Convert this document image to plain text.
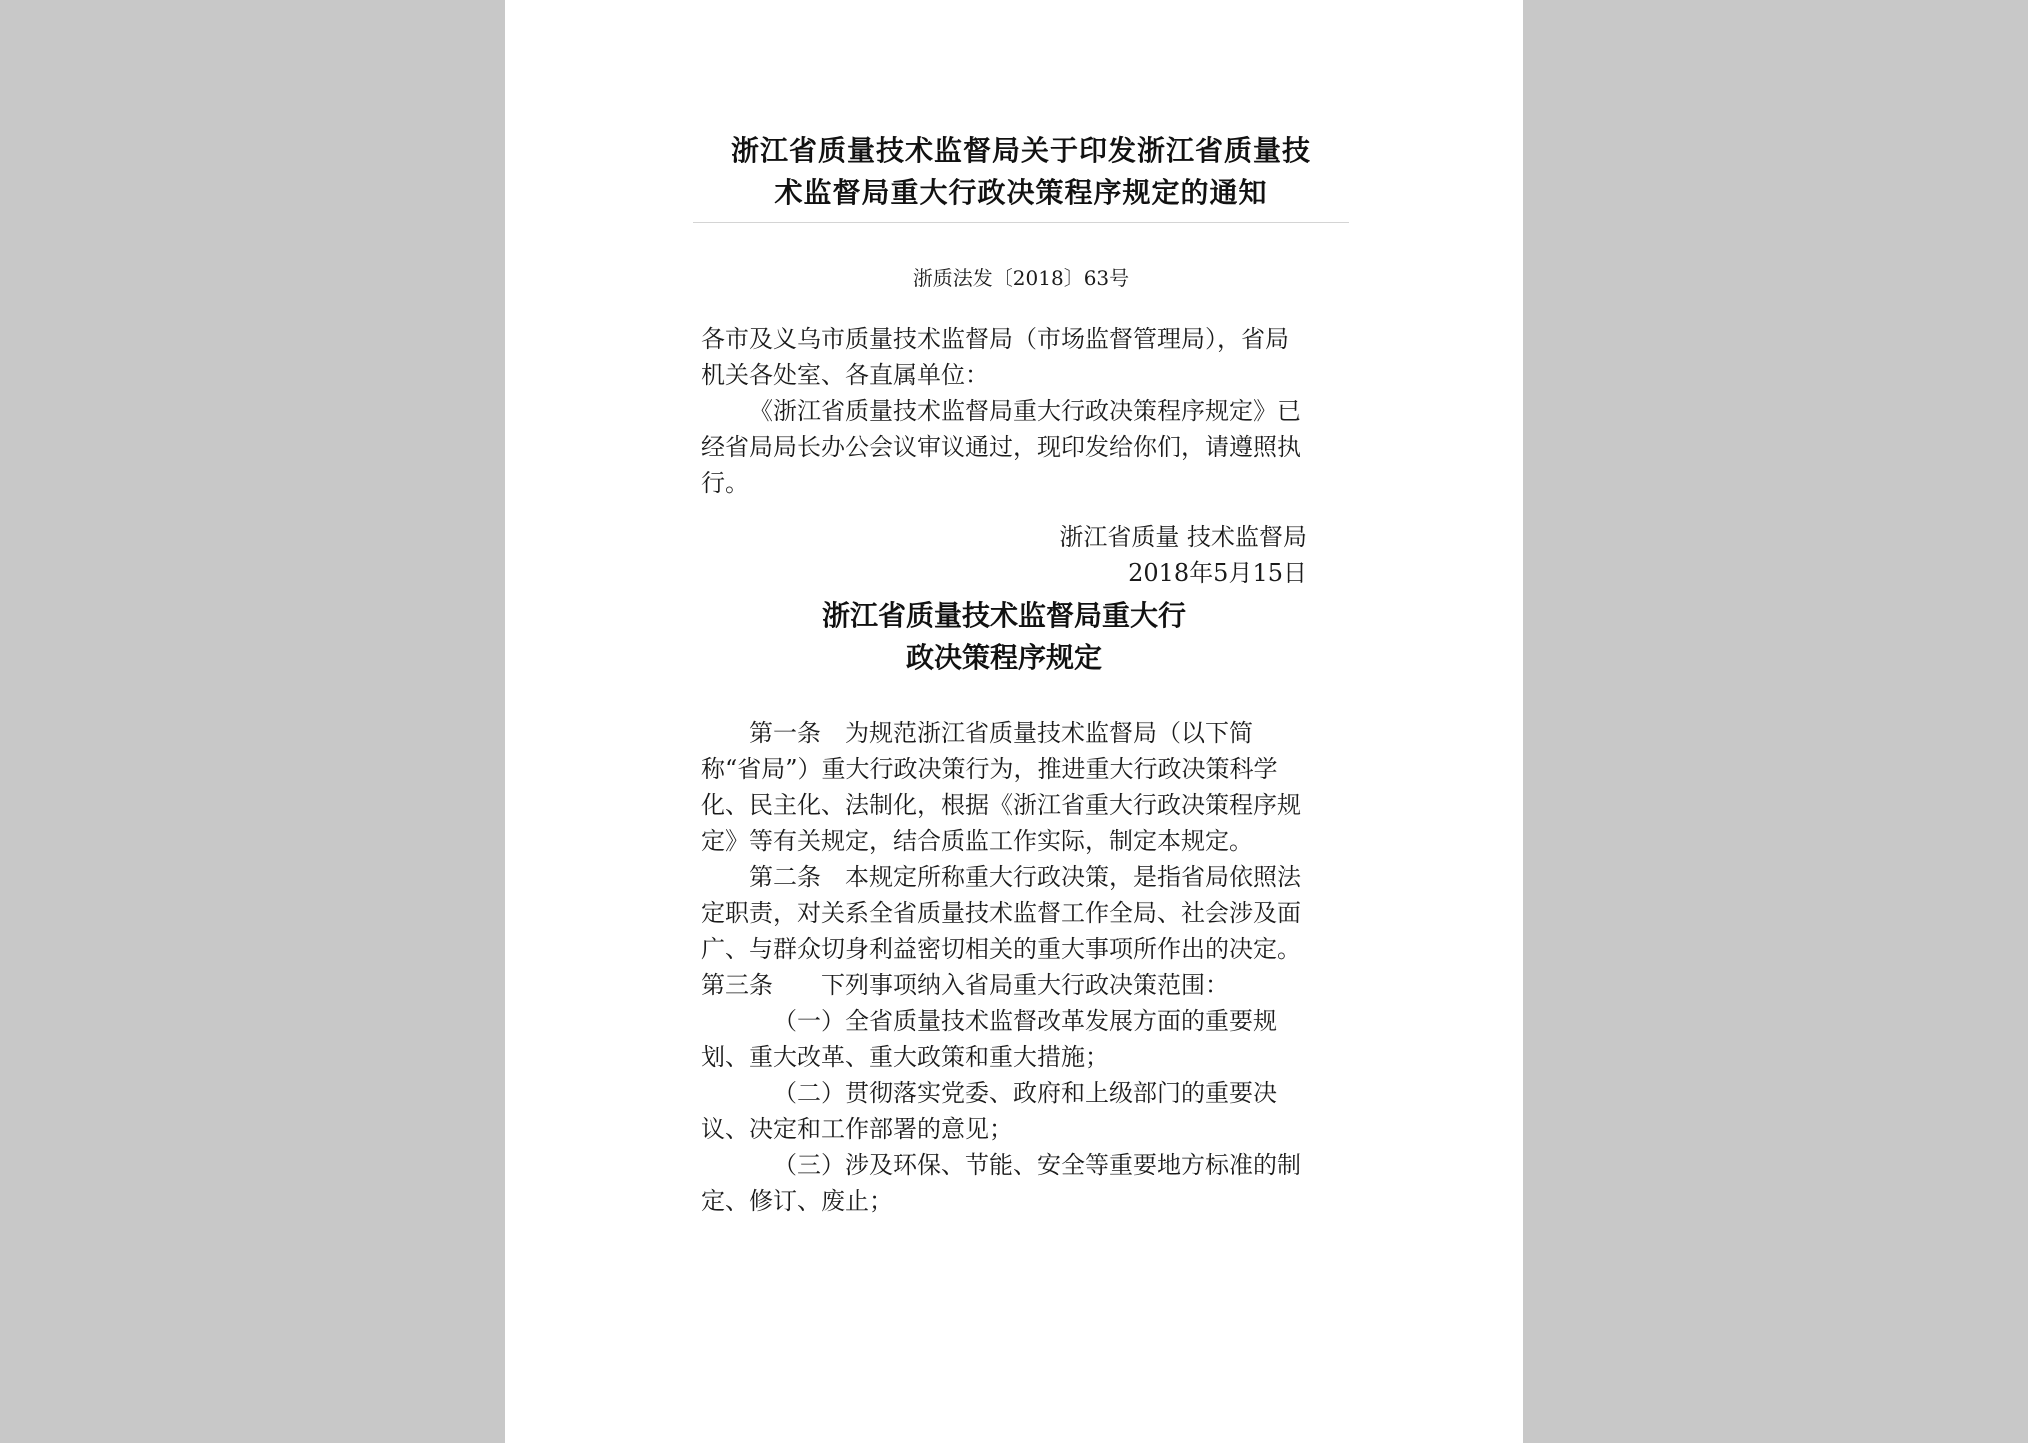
浙江省质量技术监督局关于印发浙江省质量技
术监督局重大行政决策程序规定的通知

浙质法发〔2018〕63号

各市及义乌市质量技术监督局（市场监督管理局），省局机关各处室、各直属单位：

《浙江省质量技术监督局重大行政决策程序规定》已经省局局长办公会议审议通过，现印发给你们，请遵照执行。

浙江省质量 技术监督局
2018年5月15日

浙江省质量技术监督局重大行
政决策程序规定

第一条　为规范浙江省质量技术监督局（以下简称“省局”）重大行政决策行为，推进重大行政决策科学化、民主化、法制化，根据《浙江省重大行政决策程序规定》等有关规定，结合质监工作实际，制定本规定。

第二条　本规定所称重大行政决策，是指省局依照法定职责，对关系全省质量技术监督工作全局、社会涉及面广、与群众切身利益密切相关的重大事项所作出的决定。

第三条　　下列事项纳入省局重大行政决策范围：

（一）全省质量技术监督改革发展方面的重要规划、重大改革、重大政策和重大措施；

（二）贯彻落实党委、政府和上级部门的重要决议、决定和工作部署的意见；

（三）涉及环保、节能、安全等重要地方标准的制定、修订、废止；
